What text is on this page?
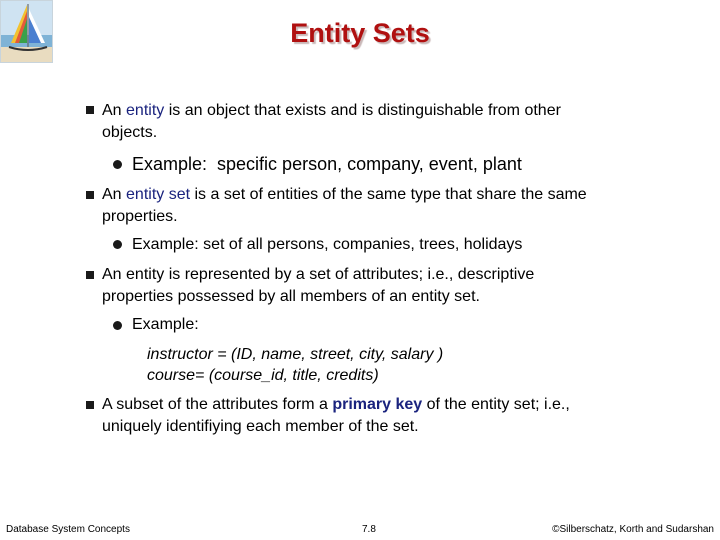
Entity Sets
An entity is an object that exists and is distinguishable from other objects.
Example:  specific person, company, event, plant
An entity set is a set of entities of the same type that share the same properties.
Example: set of all persons, companies, trees, holidays
An entity is represented by a set of attributes; i.e., descriptive properties possessed by all members of an entity set.
Example:
instructor = (ID, name, street, city, salary )
course= (course_id, title, credits)
A subset of the attributes form a primary key of the entity set; i.e., uniquely identifiying each member of the set.
Database System Concepts	7.8	©Silberschatz, Korth and Sudarshan
